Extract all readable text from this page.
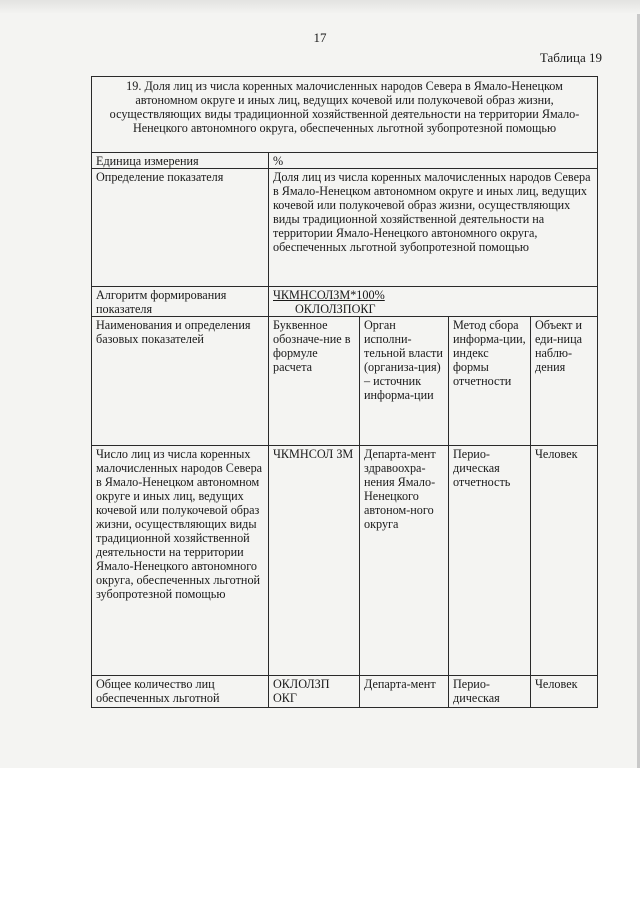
17
Таблица 19
19. Доля лиц из числа коренных малочисленных народов Севера в Ямало-Ненецком автономном округе и иных лиц, ведущих кочевой или полукочевой образ жизни, осуществляющих виды традиционной хозяйственной деятельности на территории Ямало-Ненецкого автономного округа, обеспеченных льготной зубопротезной помощью				
Единица измерения	%			
Определение показателя	Доля лиц из числа коренных малочисленных народов Севера в Ямало-Ненецком автономном округе и иных лиц, ведущих кочевой или полукочевой образ жизни, осуществляющих виды традиционной хозяйственной деятельности на территории Ямало-Ненецкого автономного округа, обеспеченных льготной зубопротезной помощью			
Алгоритм формирования показателя	ЧКМНСОЛЗМ*100%
ОКЛОЛЗПОКГ			

Наименования и определения базовых показателей	Буквенное обозначе-ние в формуле расчета	Орган исполни-тельной власти (организа-ция) – источник информа-ции	Метод сбора информа-ции, индекс формы отчетности	Объект и еди-ница наблю-дения
Число лиц из числа коренных малочисленных народов Севера в Ямало-Ненецком автономном округе и иных лиц, ведущих кочевой или полукочевой образ жизни, осуществляющих виды традиционной хозяйственной деятельности на территории Ямало-Ненецкого автономного округа, обеспеченных льготной зубопротезной помощью	ЧКМНСОЛ ЗМ	Департа-мент здравоохра-нения Ямало-Ненецкого автоном-ного округа	Перио-дическая отчетность	Человек
Общее количество лиц обеспеченных льготной	ОКЛОЛЗП ОКГ	Департа-мент	Перио-дическая	Человек
